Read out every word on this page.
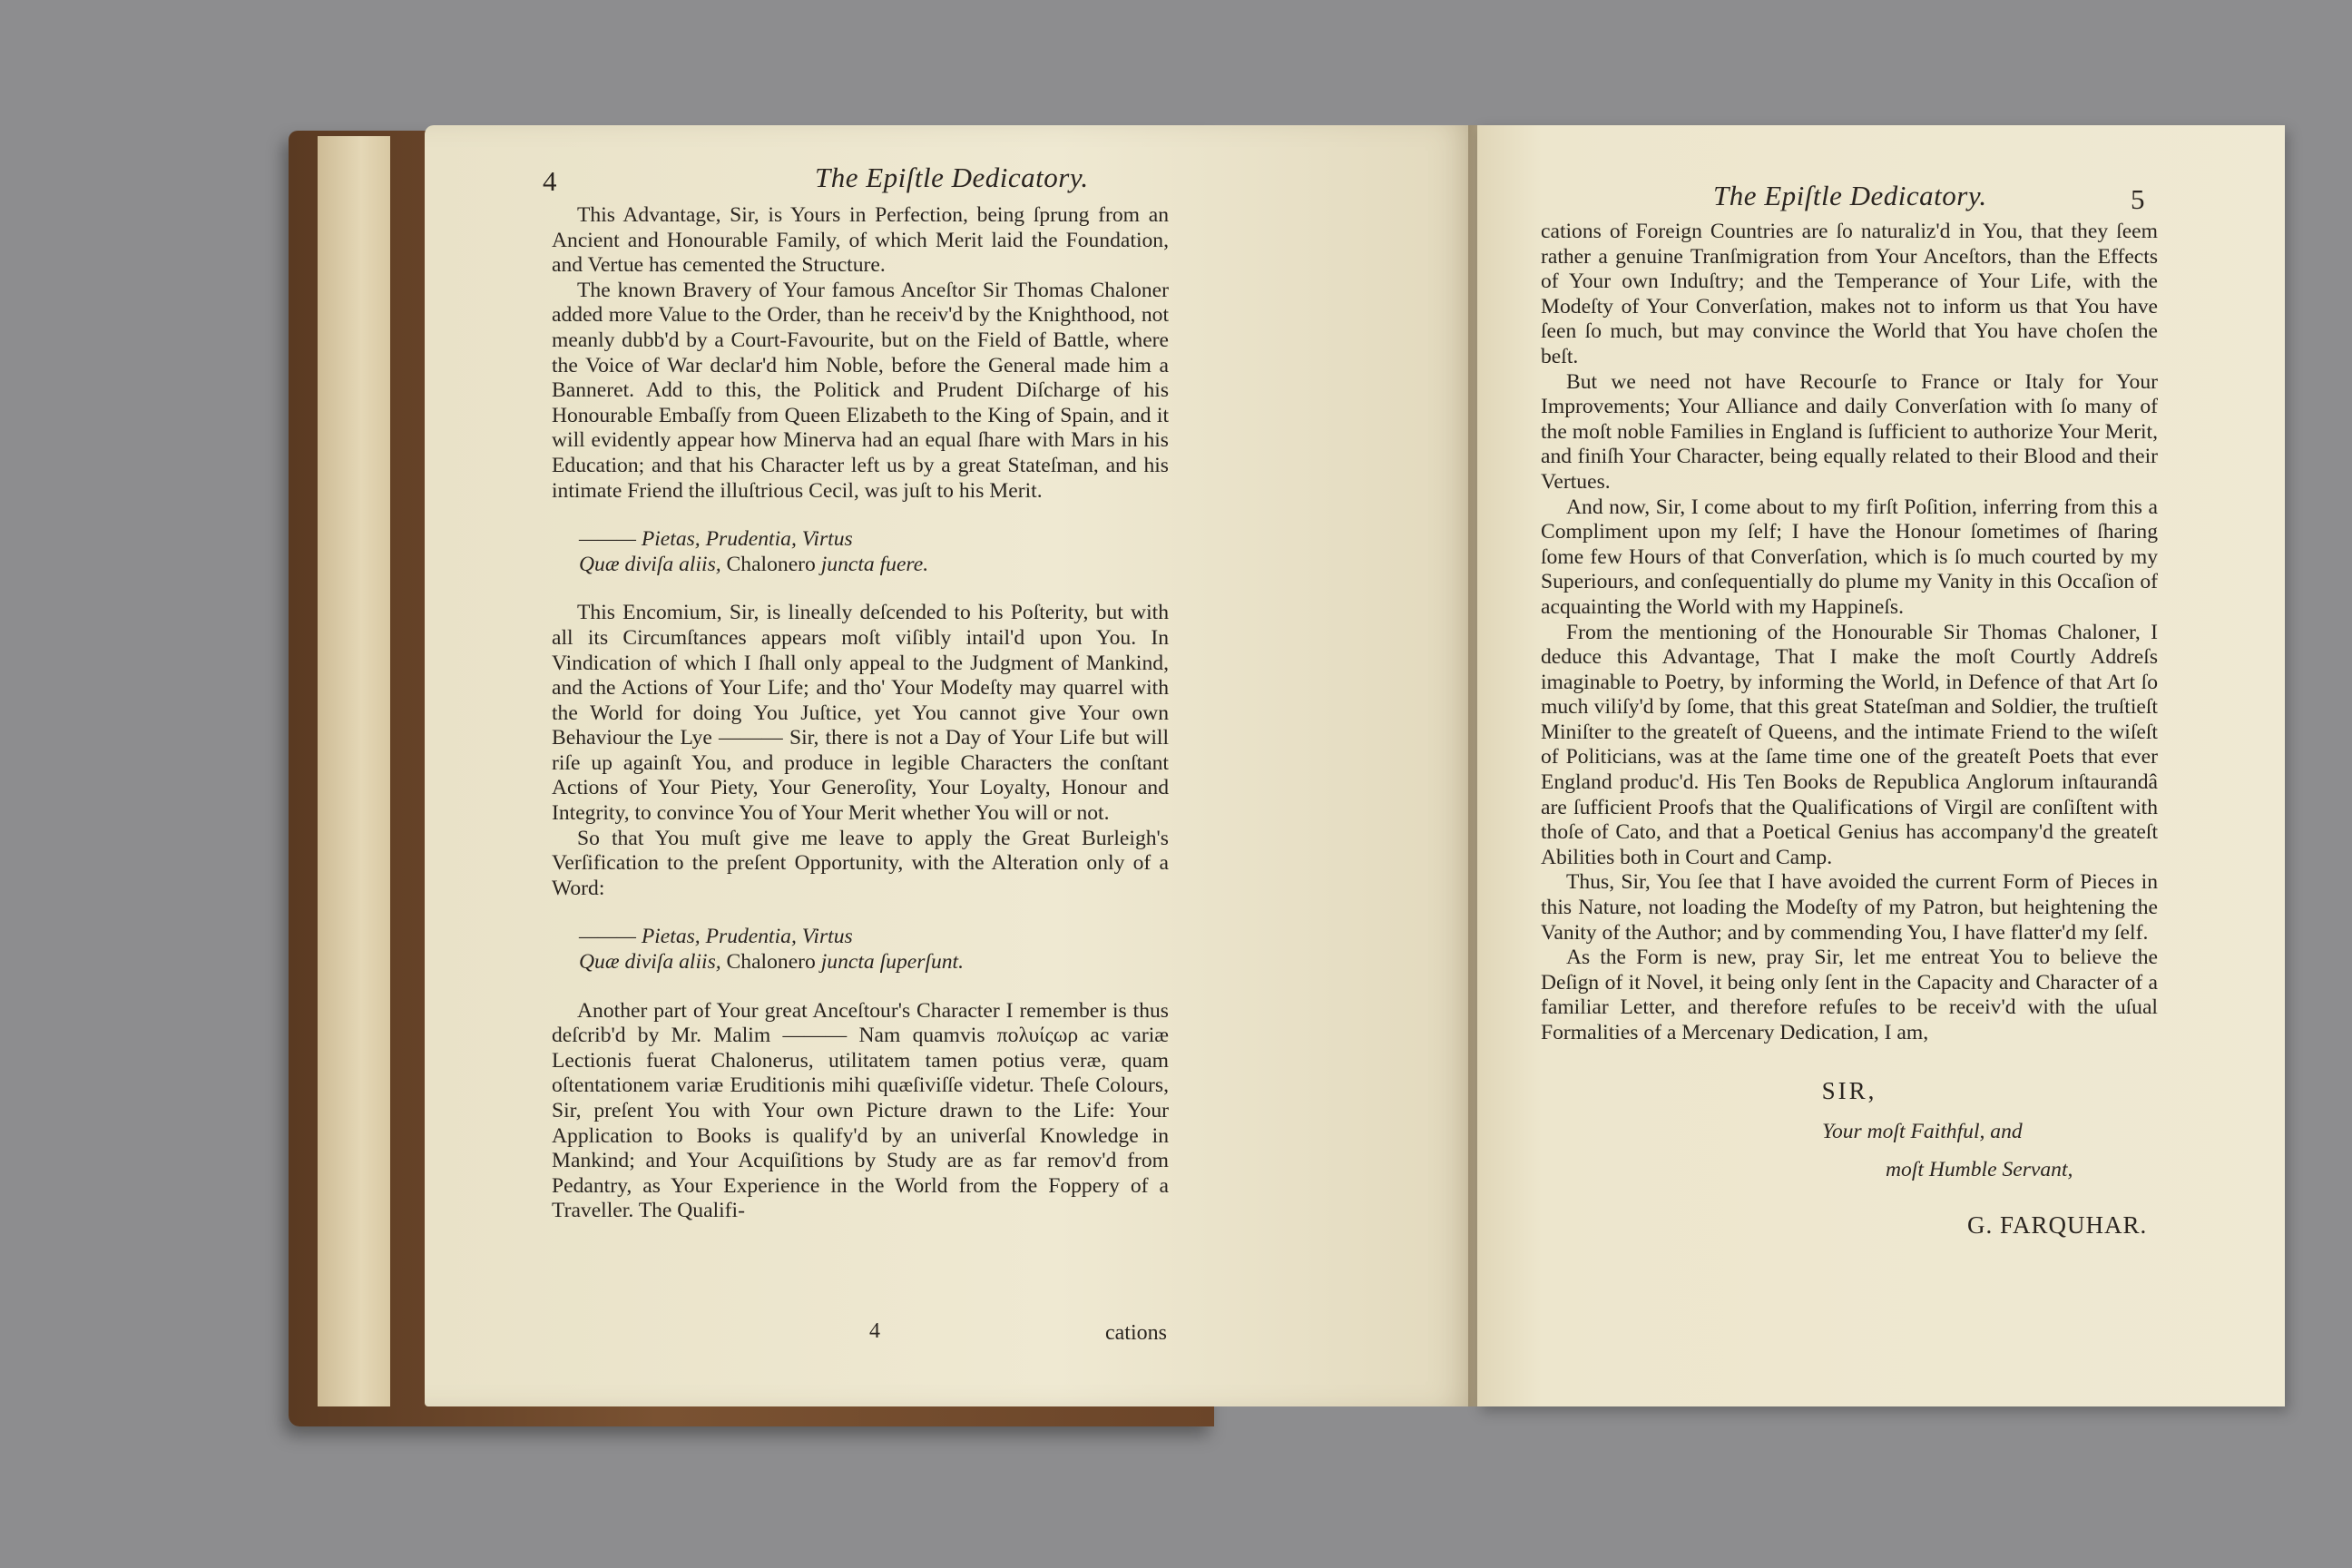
4	The Epiſtle Dedicatory.

This Advantage, Sir, is Yours in Perfection, being ſprung from an Ancient and Honourable Family, of which Merit laid the Foundation, and Vertue has cemented the Structure.

The known Bravery of Your famous Anceſtor Sir Thomas Chaloner added more Value to the Order, than he receiv'd by the Knighthood, not meanly dubb'd by a Court-Favourite, but on the Field of Battle, where the Voice of War declar'd him Noble, before the General made him a Banneret. Add to this, the Politick and Prudent Diſcharge of his Honourable Embaſſy from Queen Elizabeth to the King of Spain, and it will evidently appear how Minerva had an equal ſhare with Mars in his Education; and that his Character left us by a great Stateſman, and his intimate Friend the illuſtrious Cecil, was juſt to his Merit.

——— Pietas, Prudentia, Virtus
Quæ diviſa aliis, Chalonero juncta fuere.

This Encomium, Sir, is lineally deſcended to his Poſterity, but with all its Circumſtances appears moſt viſibly intail'd upon You. In Vindication of which I ſhall only appeal to the Judgment of Mankind, and the Actions of Your Life; and tho' Your Modeſty may quarrel with the World for doing You Juſtice, yet You cannot give Your own Behaviour the Lye ——— Sir, there is not a Day of Your Life but will riſe up againſt You, and produce in legible Characters the conſtant Actions of Your Piety, Your Generoſity, Your Loyalty, Honour and Integrity, to convince You of Your Merit whether You will or not.

So that You muſt give me leave to apply the Great Burleigh's Verſification to the preſent Opportunity, with the Alteration only of a Word:

——— Pietas, Prudentia, Virtus
Quæ diviſa aliis, Chalonero juncta ſuperſunt.

Another part of Your great Anceſtour's Character I remember is thus deſcrib'd by Mr. Malim ——— Nam quamvis πολυίςωρ ac variæ Lectionis fuerat Chalonerus, utilitatem tamen potius veræ, quam oſtentationem variæ Eruditionis mihi quæſiviſſe videtur. Theſe Colours, Sir, preſent You with Your own Picture drawn to the Life: Your Application to Books is qualify'd by an univerſal Knowledge in Mankind; and Your Acquiſitions by Study are as far remov'd from Pedantry, as Your Experience in the World from the Foppery of a Traveller. The Qualifi-

4	cations
The Epiſtle Dedicatory.	5

cations of Foreign Countries are ſo naturaliz'd in You, that they ſeem rather a genuine Tranſmigration from Your Anceſtors, than the Effects of Your own Induſtry; and the Temperance of Your Life, with the Modeſty of Your Converſation, makes not to inform us that You have ſeen ſo much, but may convince the World that You have choſen the beſt.

But we need not have Recourſe to France or Italy for Your Improvements; Your Alliance and daily Converſation with ſo many of the moſt noble Families in England is ſufficient to authorize Your Merit, and finiſh Your Character, being equally related to their Blood and their Vertues.

And now, Sir, I come about to my firſt Poſition, inferring from this a Compliment upon my ſelf; I have the Honour ſometimes of ſharing ſome few Hours of that Converſation, which is ſo much courted by my Superiours, and conſequentially do plume my Vanity in this Occaſion of acquainting the World with my Happineſs.

From the mentioning of the Honourable Sir Thomas Chaloner, I deduce this Advantage, That I make the moſt Courtly Addreſs imaginable to Poetry, by informing the World, in Defence of that Art ſo much viliſy'd by ſome, that this great Stateſman and Soldier, the truſtieſt Miniſter to the greateſt of Queens, and the intimate Friend to the wiſeſt of Politicians, was at the ſame time one of the greateſt Poets that ever England produc'd. His Ten Books de Republica Anglorum inſtaurandâ are ſufficient Proofs that the Qualifications of Virgil are conſiſtent with thoſe of Cato, and that a Poetical Genius has accompany'd the greateſt Abilities both in Court and Camp.

Thus, Sir, You ſee that I have avoided the current Form of Pieces in this Nature, not loading the Modeſty of my Patron, but heightening the Vanity of the Author; and by commending You, I have flatter'd my ſelf.

As the Form is new, pray Sir, let me entreat You to believe the Deſign of it Novel, it being only ſent in the Capacity and Character of a familiar Letter, and therefore refuſes to be receiv'd with the uſual Formalities of a Mercenary Dedication, I am,

SIR,
Your moſt Faithful, and
moſt Humble Servant,
G. FARQUHAR.
